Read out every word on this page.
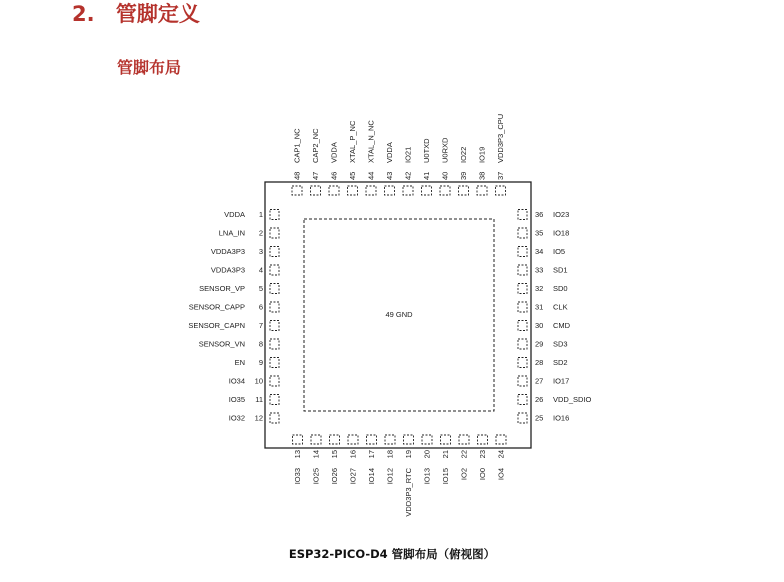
2. 管脚定义
管脚布局
49 GND
1
VDDA
2
LNA_IN
3
VDDA3P3
4
VDDA3P3
5
SENSOR_VP
6
SENSOR_CAPP
7
SENSOR_CAPN
8
SENSOR_VN
9
EN
10
IO34
11
IO35
12
IO32	25 IO16
26 VDD_SDIO
27 IO17
28 SD2
29 SD3
30 CMD
31 CLK
32 SD0
33 SD1
34 IO5
35 IO18
36 IO23
37
VDD3P3_CPU
38
IO19
39
IO22
40
U0RXD
41
U0TXD
42
IO21
43
VDDA
44
XTAL_N_NC
45
XTAL_P_NC
46
VDDA
47
CAP2_NC
48
CAP1_NC
13
IO33
14
IO25
15
IO26
16
IO27
17
IO14
18
IO12
19
VDD3P3_RTC
20
IO13
21
IO15
22
IO2
23
IO0
24
IO4
ESP32-PICO-D4 管脚布局（俯视图）
